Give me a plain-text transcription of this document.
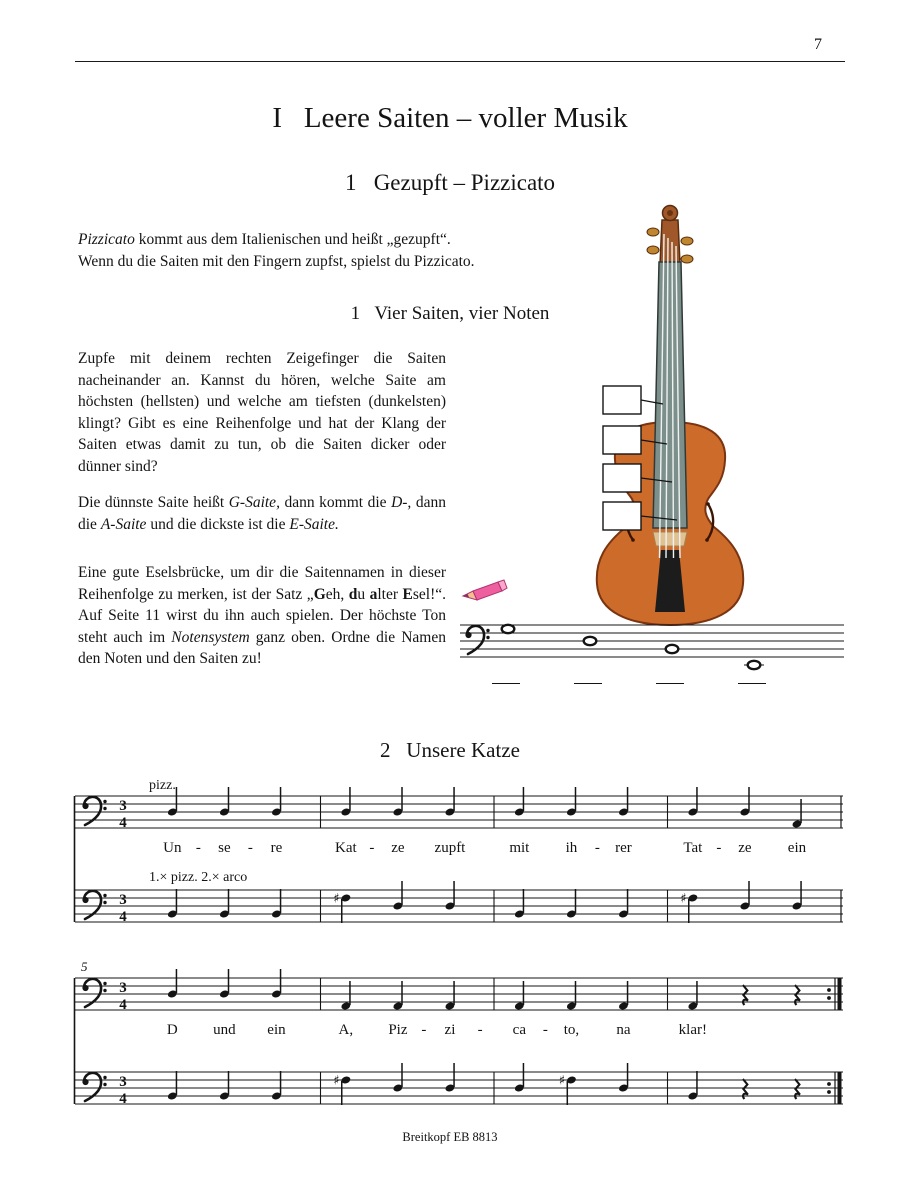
7
I   Leere Saiten – voller Musik
1   Gezupft – Pizzicato

Pizzicato kommt aus dem Italienischen und heißt „gezupft“.
Wenn du die Saiten mit den Fingern zupfst, spielst du Pizzicato.

1   Vier Saiten, vier Noten

Zupfe mit deinem rechten Zeigefinger die Saiten nacheinander an. Kannst du hören, welche Saite am höchsten (hellsten) und welche am tiefsten (dunkelsten) klingt? Gibt es eine Reihenfolge und hat der Klang der Saiten etwas damit zu tun, ob die Saiten dicker oder dünner sind?

Die dünnste Saite heißt G-Saite, dann kommt die D-, dann die A-Saite und die dickste ist die E-Saite.

Eine gute Eselsbrücke, um dir die Saitennamen in dieser Reihenfolge zu merken, ist der Satz „Geh, du alter Esel!“. Auf Seite 11 wirst du ihn auch spielen. Der höchste Ton steht auch im Notensystem ganz oben. Ordne die Namen den Noten und den Saiten zu!

2   Unsere Katze
3
4
3
4
pizz.
1.× pizz. 2.× arco
Un se	re
-	-	Kat ze zupft
-	mit ih	rer
-	Tat ze ein
-
♯	♯
3
4
3
4
5
D und ein	A, Piz zi
-	- ca	to, na
-	klar!
♯	♯
Breitkopf EB 8813
